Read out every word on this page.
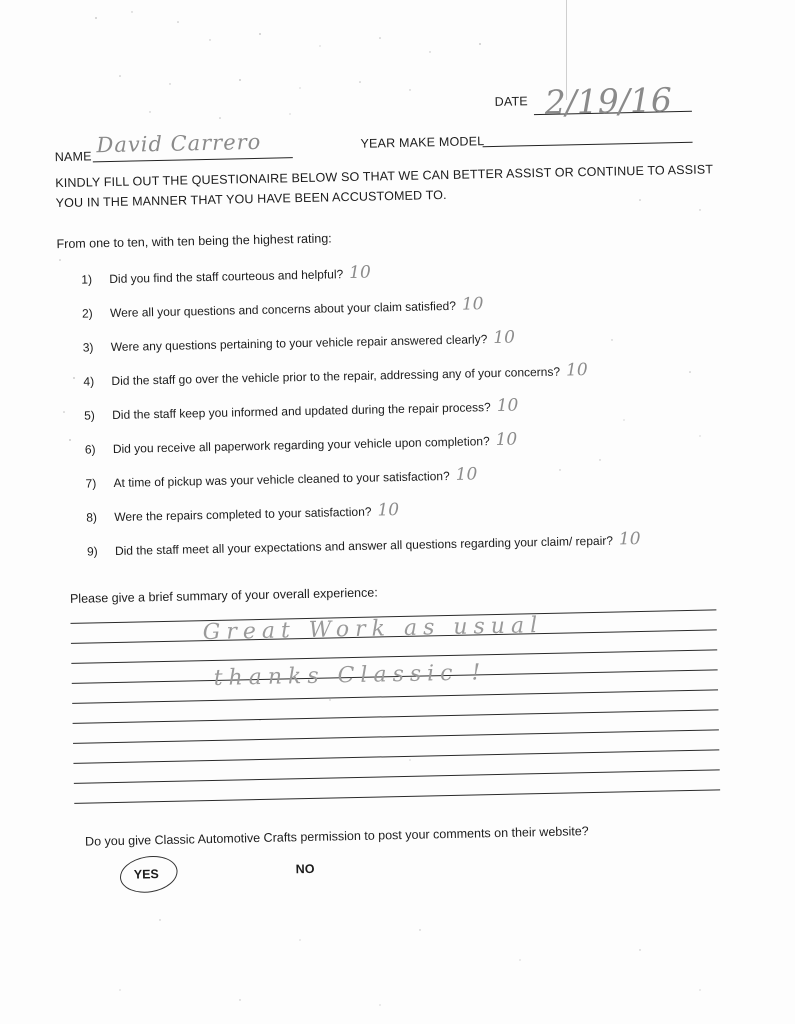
DATE 2/19/16
NAME David Carrero	YEAR MAKE MODEL
KINDLY FILL OUT THE QUESTIONAIRE BELOW SO THAT WE CAN BETTER ASSIST OR CONTINUE TO ASSIST YOU IN THE MANNER THAT YOU HAVE BEEN ACCUSTOMED TO.
From one to ten, with ten being the highest rating:
1) Did you find the staff courteous and helpful? 10
2) Were all your questions and concerns about your claim satisfied? 10
3) Were any questions pertaining to your vehicle repair answered clearly? 10
4) Did the staff go over the vehicle prior to the repair, addressing any of your concerns? 10
5) Did the staff keep you informed and updated during the repair process? 10
6) Did you receive all paperwork regarding your vehicle upon completion? 10
7) At time of pickup was your vehicle cleaned to your satisfaction? 10
8) Were the repairs completed to your satisfaction? 10
9) Did the staff meet all your expectations and answer all questions regarding your claim/ repair? 10
Please give a brief summary of your overall experience:
Great Work as usual
thanks Classic !
Do you give Classic Automotive Crafts permission to post your comments on their website?
YES	NO
